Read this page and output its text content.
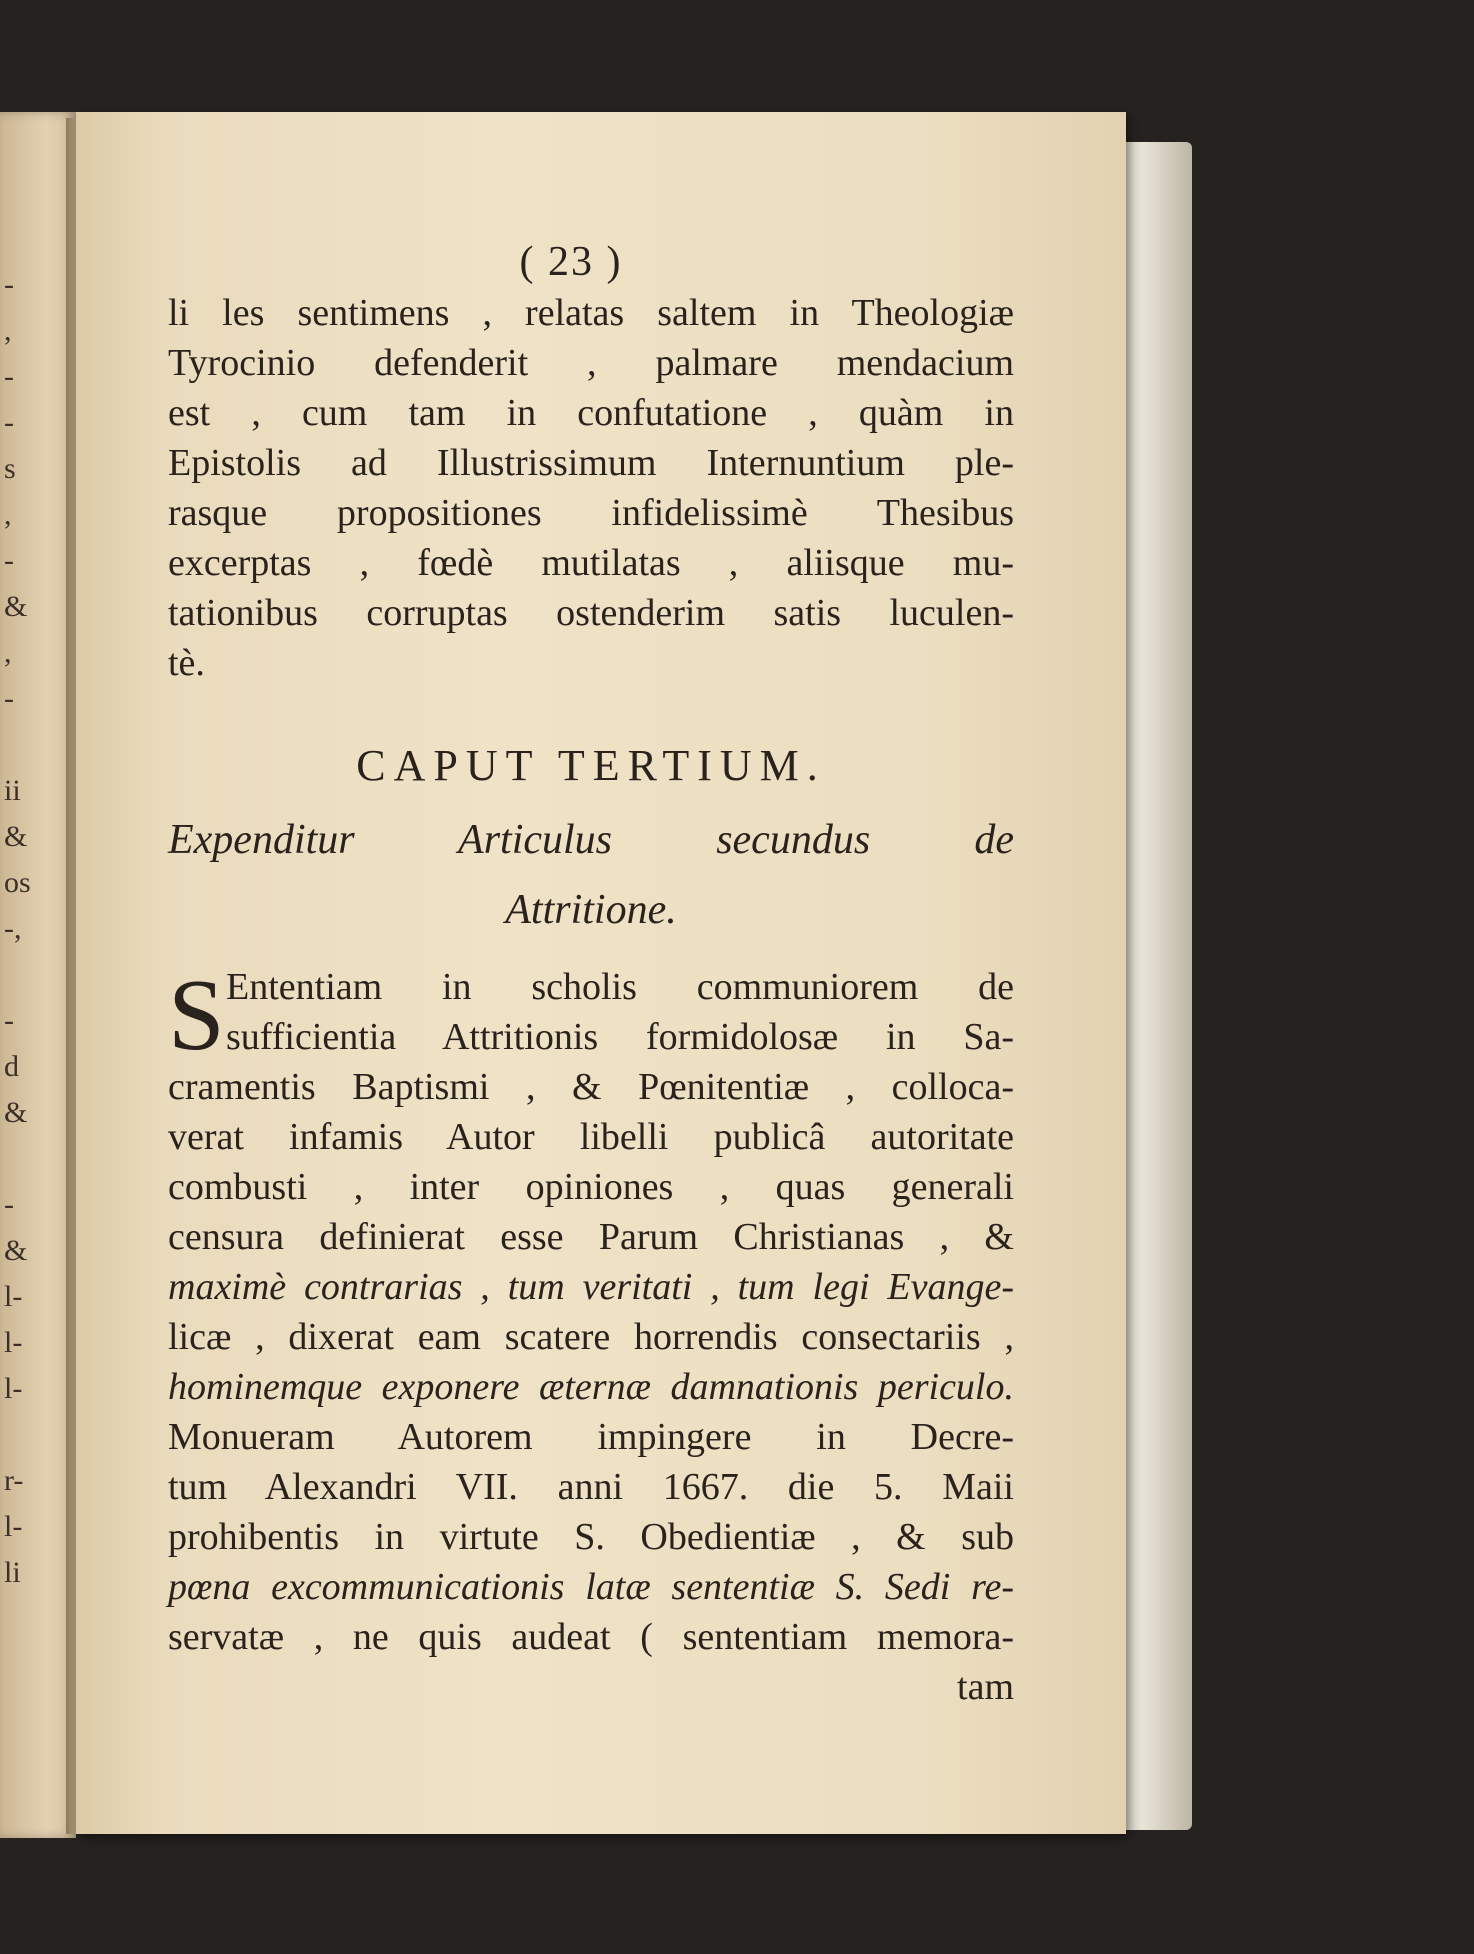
-
,
-
-
s
,
-
&
,
-
ii
&
os
-,
-
d
&
-
&
l-
l-
l-
r-
l-
li
( 23 )
li les sentimens , relatas saltem in Theologiæ
Tyrocinio defenderit , palmare mendacium
est , cum tam in confutatione , quàm in
Epistolis ad Illustrissimum Internuntium ple-
rasque propositiones infidelissimè Thesibus
excerptas , fœdè mutilatas , aliisque mu-
tationibus corruptas ostenderim satis luculen-
tè.
CAPUT TERTIUM.
Expenditur Articulus secundus de
Attritione.
S Ententiam in scholis communiorem de
sufficientia Attritionis formidolosæ in Sa-
cramentis Baptismi , & Pœnitentiæ , colloca-
verat infamis Autor libelli publicâ autoritate
combusti , inter opiniones , quas generali
censura definierat esse Parum Christianas , &
maximè contrarias , tum veritati , tum legi Evange-
licæ , dixerat eam scatere horrendis consectariis ,
hominemque exponere æternæ damnationis periculo.
Monueram Autorem impingere in Decre-
tum Alexandri VII. anni 1667. die 5. Maii
prohibentis in virtute S. Obedientiæ , & sub
pœna excommunicationis latæ sententiæ S. Sedi re-
servatæ , ne quis audeat ( sententiam memora-
tam
